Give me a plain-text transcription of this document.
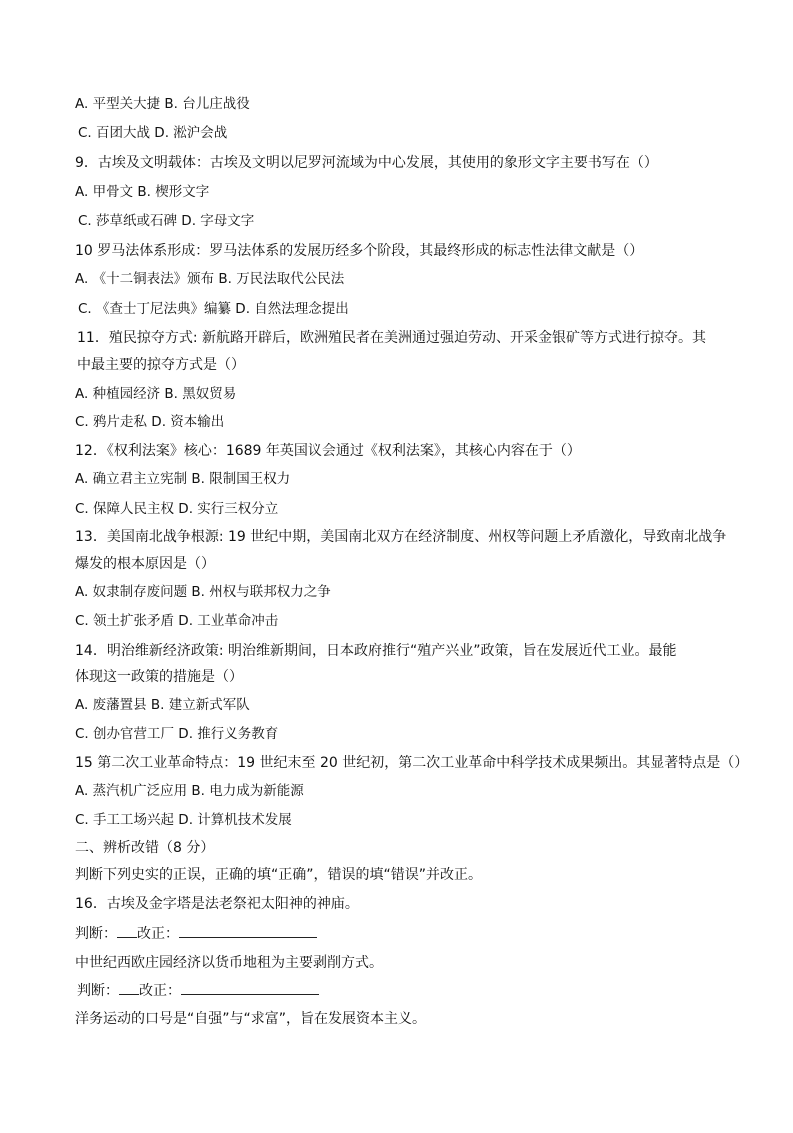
A. 平型关大捷 B. 台儿庄战役
C. 百团大战 D. 淞沪会战
9．古埃及文明载体：古埃及文明以尼罗河流域为中心发展，其使用的象形文字主要书写在（）
A. 甲骨文 B. 楔形文字
C. 莎草纸或石碑 D. 字母文字
10 罗马法体系形成：罗马法体系的发展历经多个阶段，其最终形成的标志性法律文献是（）
A. 《十二铜表法》颁布 B. 万民法取代公民法
C. 《查士丁尼法典》编纂 D. 自然法理念提出
11．殖民掠夺方式: 新航路开辟后，欧洲殖民者在美洲通过强迫劳动、开采金银矿等方式进行掠夺。其
中最主要的掠夺方式是（）
A. 种植园经济 B. 黑奴贸易
C. 鸦片走私 D. 资本输出
12．《权利法案》核心：1689 年英国议会通过《权利法案》，其核心内容在于（）
A. 确立君主立宪制 B. 限制国王权力
C. 保障人民主权 D. 实行三权分立
13．美国南北战争根源: 19 世纪中期，美国南北双方在经济制度、州权等问题上矛盾激化，导致南北战争
爆发的根本原因是（）
A. 奴隶制存废问题 B. 州权与联邦权力之争
C. 领土扩张矛盾 D. 工业革命冲击
14．明治维新经济政策: 明治维新期间，日本政府推行“殖产兴业”政策，旨在发展近代工业。最能
体现这一政策的措施是（）
A. 废藩置县 B. 建立新式军队
C. 创办官营工厂 D. 推行义务教育
15 第二次工业革命特点：19 世纪末至 20 世纪初，第二次工业革命中科学技术成果频出。其显著特点是（）
A. 蒸汽机广泛应用 B. 电力成为新能源
C. 手工工场兴起 D. 计算机技术发展
二、辨析改错（8 分）
判断下列史实的正误，正确的填“正确”，错误的填“错误”并改正。
16．古埃及金字塔是法老祭祀太阳神的神庙。
判断： 改正：
中世纪西欧庄园经济以货币地租为主要剥削方式。
判断： 改正：
洋务运动的口号是“自强”与“求富”，旨在发展资本主义。
